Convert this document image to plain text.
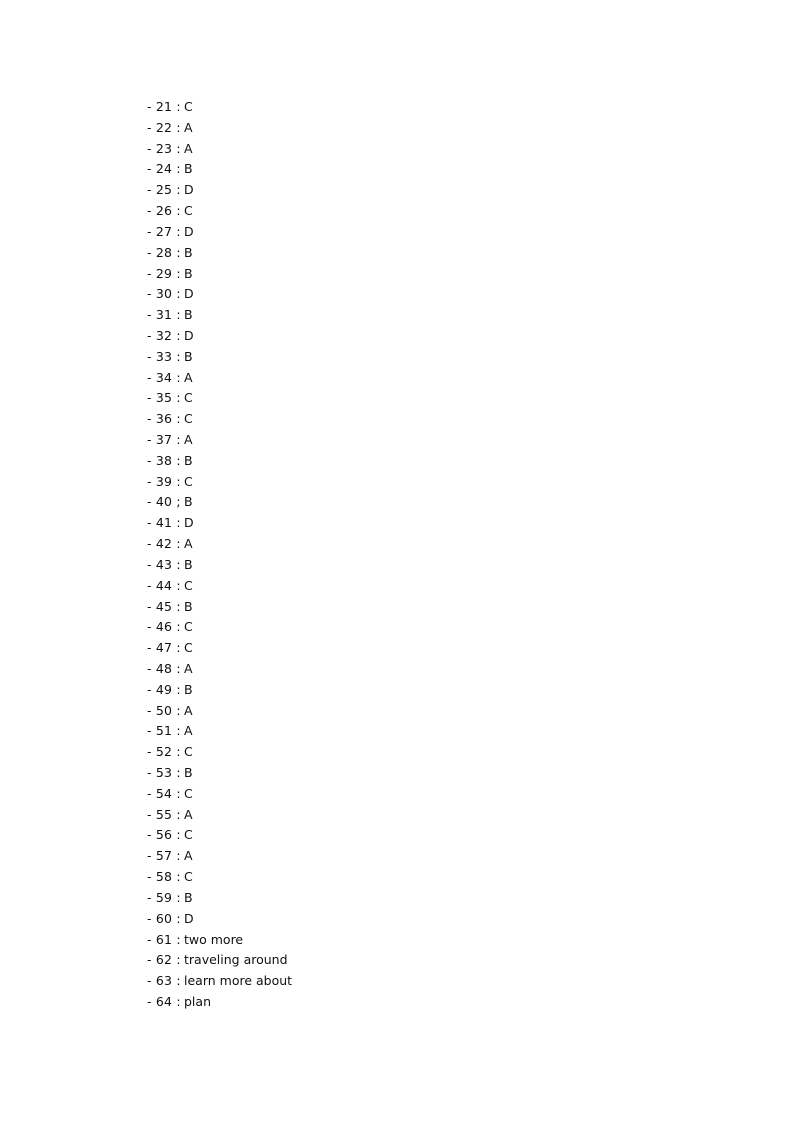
- 21 : C
- 22 : A
- 23 : A
- 24 : B
- 25 : D
- 26 : C
- 27 : D
- 28 : B
- 29 : B
- 30 : D
- 31 : B
- 32 : D
- 33 : B
- 34 : A
- 35 : C
- 36 : C
- 37 : A
- 38 : B
- 39 : C
- 40 ; B
- 41 : D
- 42 : A
- 43 : B
- 44 : C
- 45 : B
- 46 : C
- 47 : C
- 48 : A
- 49 : B
- 50 : A
- 51 : A
- 52 : C
- 53 : B
- 54 : C
- 55 : A
- 56 : C
- 57 : A
- 58 : C
- 59 : B
- 60 : D
- 61 : two more
- 62 : traveling around
- 63 : learn more about
- 64 : plan
